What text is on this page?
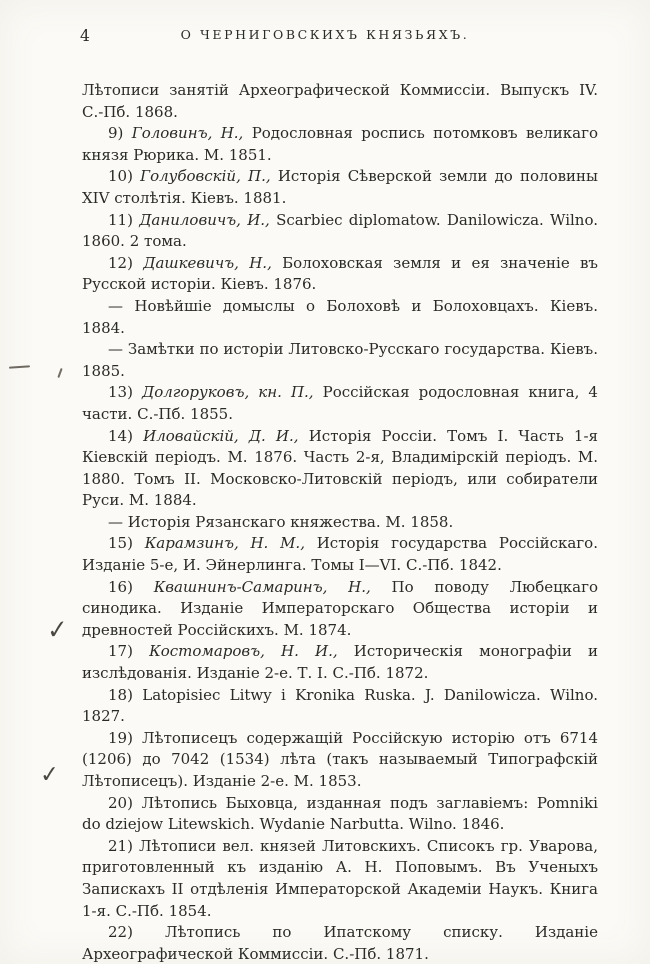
4	О ЧЕРНИГОВСКИХЪ КНЯЗЬЯХЪ.
✓
✓

Лѣтописи занятій Археографической Коммиссіи. Выпускъ IV. С.-Пб. 1868.

9) Головинъ, Н., Родословная роспись потомковъ великаго князя Рюрика. М. 1851.

10) Голубовскій, П., Исторія Сѣверской земли до половины XIV столѣтія. Кіевъ. 1881.

11) Даниловичъ, И., Scarbiec diplomatow. Danilowicza. Wilno. 1860. 2 тома.

12) Дашкевичъ, Н., Болоховская земля и ея значеніе въ Русской исторіи. Кіевъ. 1876.

— Новѣйшіе домыслы о Болоховѣ и Болоховцахъ. Кіевъ. 1884.

— Замѣтки по исторіи Литовско-Русскаго государства. Кіевъ. 1885.

13) Долгоруковъ, кн. П., Россійская родословная книга, 4 части. С.-Пб. 1855.

14) Иловайскій, Д. И., Исторія Россіи. Томъ I. Часть 1-я Кіевскій періодъ. М. 1876. Часть 2-я, Владимірскій періодъ. М. 1880. Томъ II. Московско-Литовскій періодъ, или собиратели Руси. М. 1884.

— Исторія Рязанскаго княжества. М. 1858.

15) Карамзинъ, Н. М., Исторія государства Россійскаго. Изданіе 5-е, И. Эйнерлинга. Томы I—VI. С.-Пб. 1842.

16) Квашнинъ-Самаринъ, Н., По поводу Любецкаго синодика. Изданіе Императорскаго Общества исторіи и древностей Россійскихъ. М. 1874.

17) Костомаровъ, Н. И., Историческія монографіи и изслѣдованія. Изданіе 2-е. Т. I. С.-Пб. 1872.

18) Latopisiec Litwy i Kronika Ruska. J. Danilowicza. Wilno. 1827.

19) Лѣтописецъ содержащій Россійскую исторію отъ 6714 (1206) до 7042 (1534) лѣта (такъ называемый Типографскій Лѣтописецъ). Изданіе 2-е. М. 1853.

20) Лѣтопись Быховца, изданная подъ заглавіемъ: Pomniki do dziejow Litewskich. Wydanie Narbutta. Wilno. 1846.

21) Лѣтописи вел. князей Литовскихъ. Списокъ гр. Уварова, приготовленный къ изданію А. Н. Поповымъ. Въ Ученыхъ Запискахъ II отдѣленія Императорской Академіи Наукъ. Книга 1-я. С.-Пб. 1854.

22) Лѣтопись по Ипатскому списку. Изданіе Археографической Коммиссіи. С.-Пб. 1871.
